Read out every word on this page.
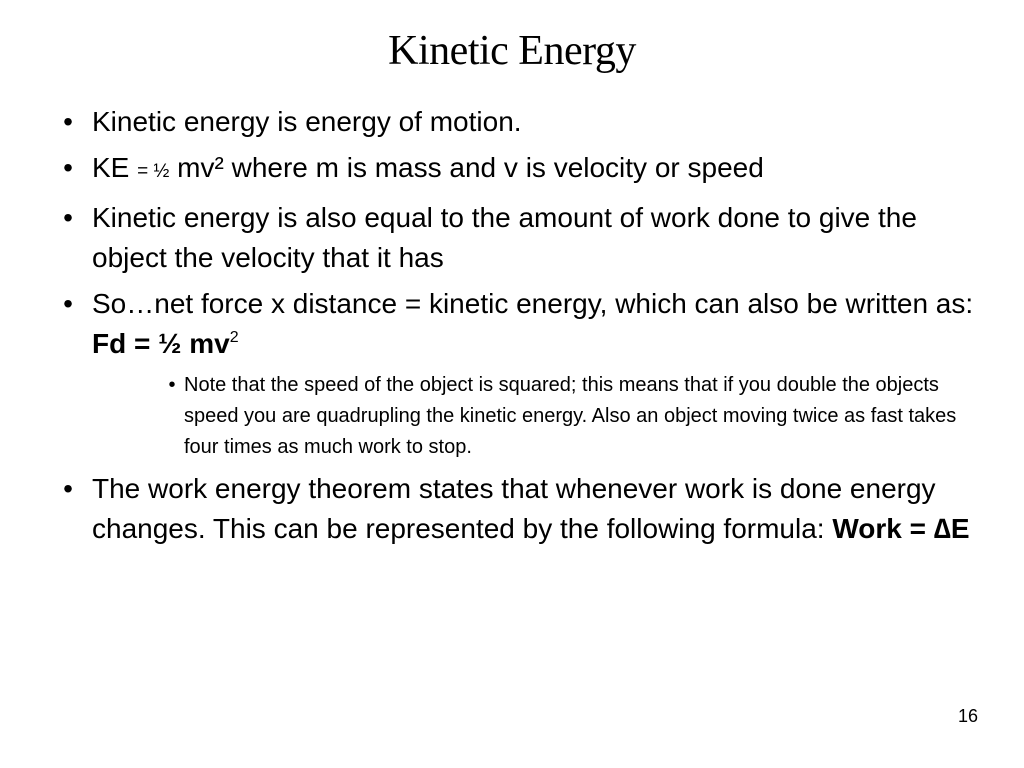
Kinetic Energy
• Kinetic energy is energy of motion.
• KE = ½ mv² where m is mass and v is velocity or speed
• Kinetic energy is also equal to the amount of work done to give the object the velocity that it has
• So…net force x distance = kinetic energy, which can also be written as: Fd = ½ $mv^2$
• Note that the speed of the object is squared; this means that if you double the objects speed you are quadrupling the kinetic energy. Also an object moving twice as fast takes four times as much work to stop.
• The work energy theorem states that whenever work is done energy changes. This can be represented by the following formula: Work = ∆E
16
